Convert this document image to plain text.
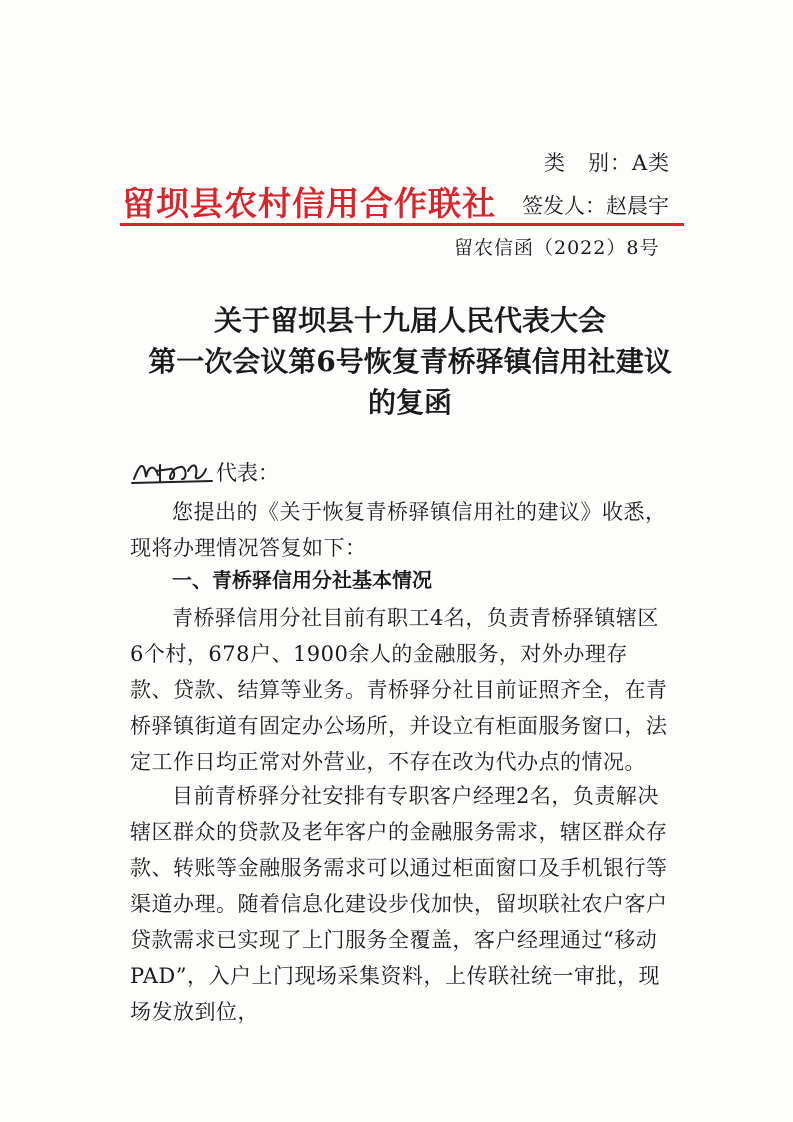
类　别：A类
留坝县农村信用合作联社 签发人：赵晨宇
留农信函（2022）8号
关于留坝县十九届人民代表大会
第一次会议第6号恢复青桥驿镇信用社建议
的复函
代表：

您提出的《关于恢复青桥驿镇信用社的建议》收悉，现将办理情况答复如下：

一、青桥驿信用分社基本情况

青桥驿信用分社目前有职工4名，负责青桥驿镇辖区6个村，678户、1900余人的金融服务，对外办理存款、贷款、结算等业务。青桥驿分社目前证照齐全，在青桥驿镇街道有固定办公场所，并设立有柜面服务窗口，法定工作日均正常对外营业，不存在改为代办点的情况。

目前青桥驿分社安排有专职客户经理2名，负责解决辖区群众的贷款及老年客户的金融服务需求，辖区群众存款、转账等金融服务需求可以通过柜面窗口及手机银行等渠道办理。随着信息化建设步伐加快，留坝联社农户客户贷款需求已实现了上门服务全覆盖，客户经理通过“移动PAD”，入户上门现场采集资料，上传联社统一审批，现场发放到位，
